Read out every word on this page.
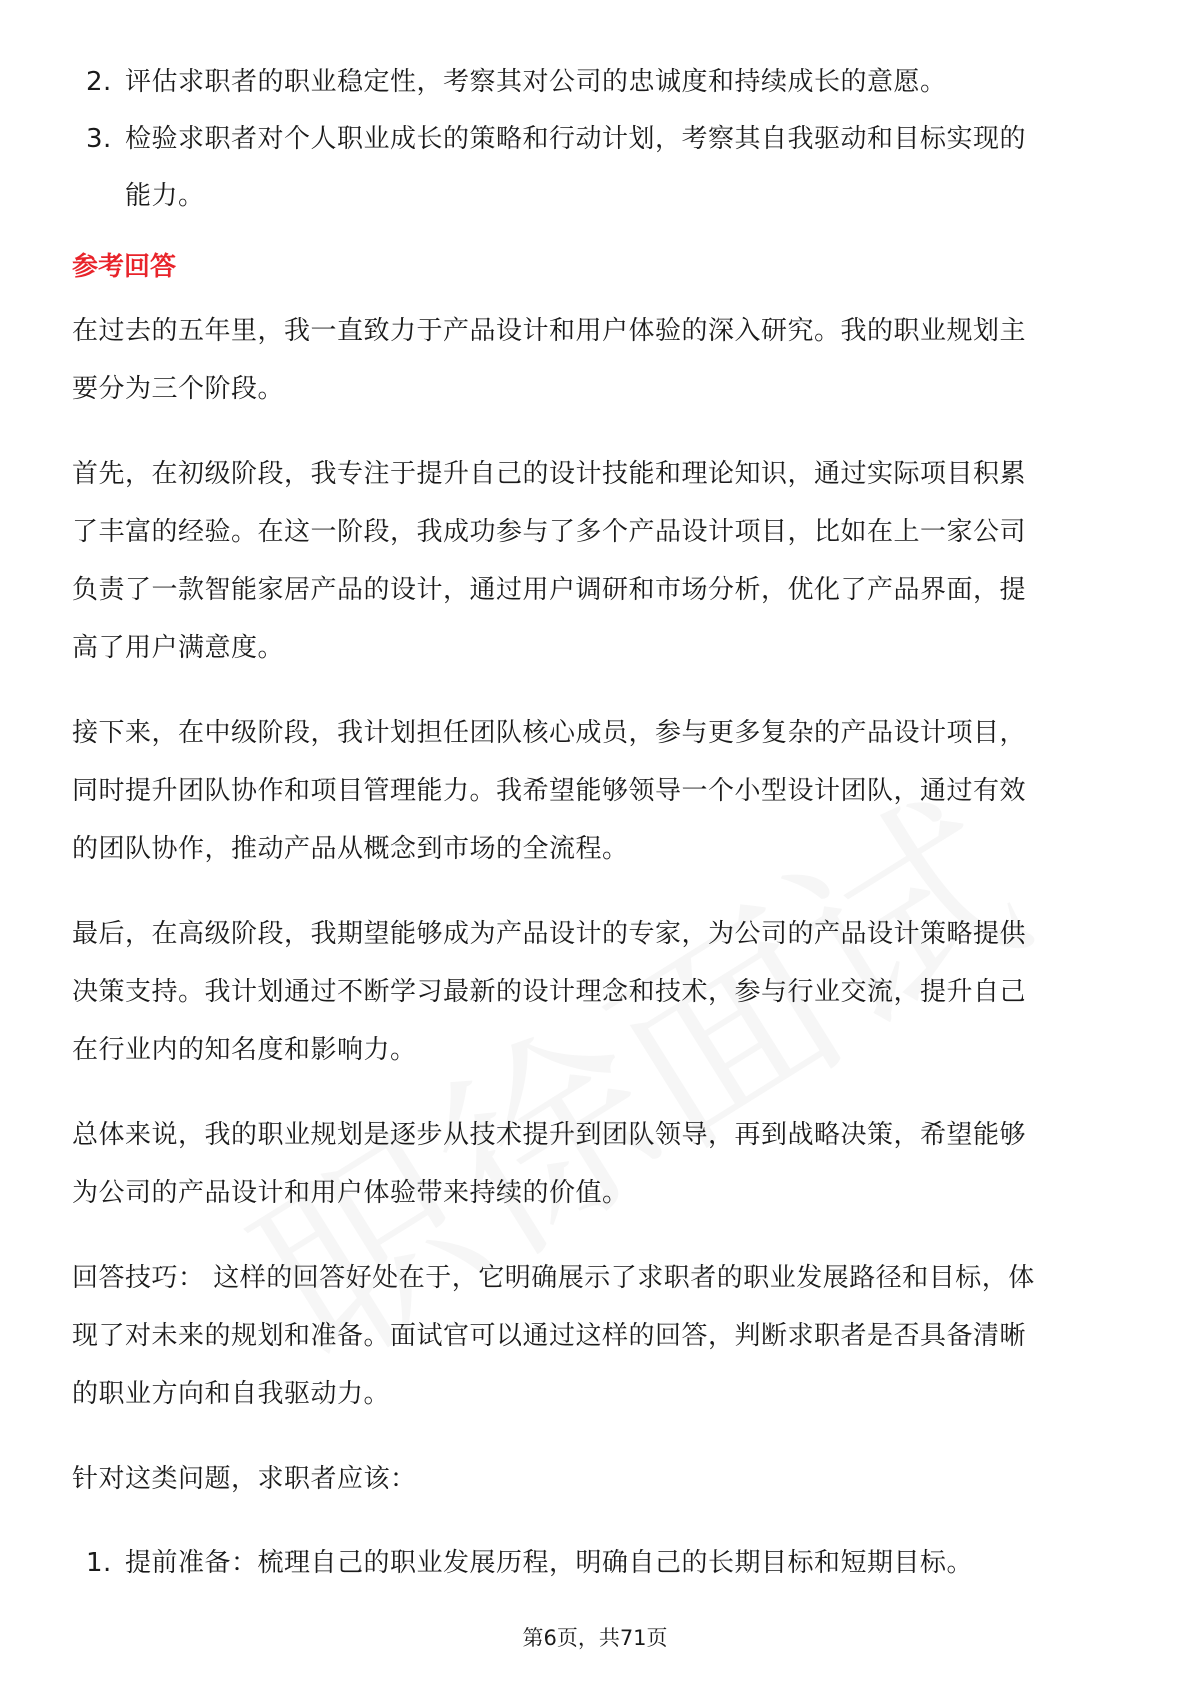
2. 评估求职者的职业稳定性，考察其对公司的忠诚度和持续成长的意愿。
3. 检验求职者对个人职业成长的策略和行动计划，考察其自我驱动和目标实现的
能力。
参考回答

在过去的五年里，我一直致力于产品设计和用户体验的深入研究。我的职业规划主
要分为三个阶段。

首先，在初级阶段，我专注于提升自己的设计技能和理论知识，通过实际项目积累
了丰富的经验。在这一阶段，我成功参与了多个产品设计项目，比如在上一家公司
负责了一款智能家居产品的设计，通过用户调研和市场分析，优化了产品界面，提
高了用户满意度。

接下来，在中级阶段，我计划担任团队核心成员，参与更多复杂的产品设计项目，
同时提升团队协作和项目管理能力。我希望能够领导一个小型设计团队，通过有效
的团队协作，推动产品从概念到市场的全流程。

最后，在高级阶段，我期望能够成为产品设计的专家，为公司的产品设计策略提供
决策支持。我计划通过不断学习最新的设计理念和技术，参与行业交流，提升自己
在行业内的知名度和影响力。

总体来说，我的职业规划是逐步从技术提升到团队领导，再到战略决策，希望能够
为公司的产品设计和用户体验带来持续的价值。

回答技巧： 这样的回答好处在于，它明确展示了求职者的职业发展路径和目标，体
现了对未来的规划和准备。面试官可以通过这样的回答，判断求职者是否具备清晰
的职业方向和自我驱动力。

针对这类问题，求职者应该：

1. 提前准备：梳理自己的职业发展历程，明确自己的长期目标和短期目标。
第6页，共71页
